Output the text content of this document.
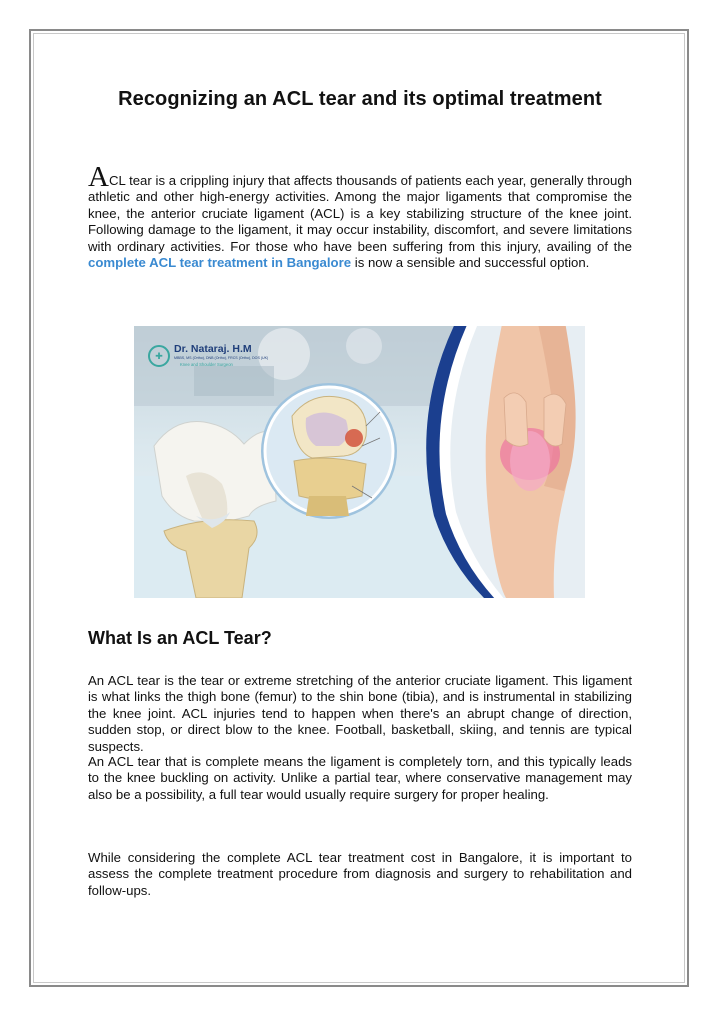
Recognizing an ACL tear and its optimal treatment

ACL tear is a crippling injury that affects thousands of patients each year, generally through athletic and other high-energy activities. Among the major ligaments that compromise the knee, the anterior cruciate ligament (ACL) is a key stabilizing structure of the knee joint. Following damage to the ligament, it may occur instability, discomfort, and severe limitations with ordinary activities. For those who have been suffering from this injury, availing of the complete ACL tear treatment in Bangalore is now a sensible and successful option.

✚
Dr. Nataraj. H.M
MBBS, MS (Ortho), DNB (Ortho), FRCS (Ortho), DOS (UK)
Knee and Shoulder Surgeon
What Is an ACL Tear?

An ACL tear is the tear or extreme stretching of the anterior cruciate ligament. This ligament is what links the thigh bone (femur) to the shin bone (tibia), and is instrumental in stabilizing the knee joint. ACL injuries tend to happen when there's an abrupt change of direction, sudden stop, or direct blow to the knee. Football, basketball, skiing, and tennis are typical suspects.

An ACL tear that is complete means the ligament is completely torn, and this typically leads to the knee buckling on activity. Unlike a partial tear, where conservative management may also be a possibility, a full tear would usually require surgery for proper healing.

While considering the complete ACL tear treatment cost in Bangalore, it is important to assess the complete treatment procedure from diagnosis and surgery to rehabilitation and follow-ups.
